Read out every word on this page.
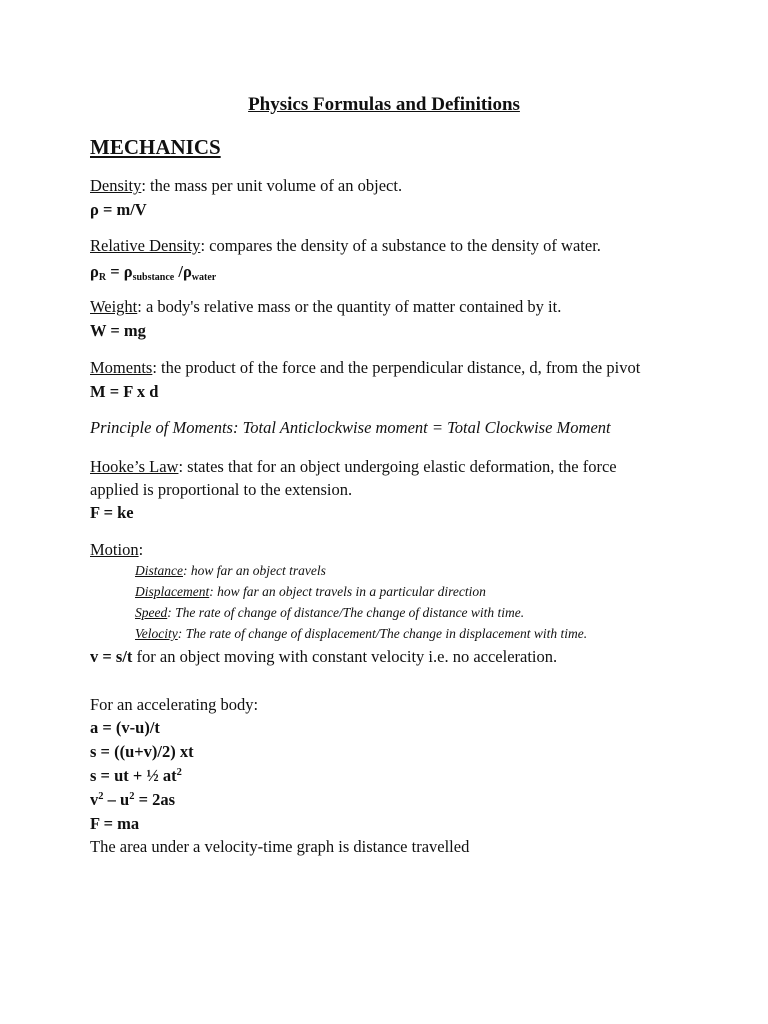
Physics Formulas and Definitions
MECHANICS
Density: the mass per unit volume of an object.
ρ = m/V
Relative Density: compares the density of a substance to the density of water.
$\rho_R = \rho_{substance}$ $/\rho_{water}$
Weight: a body's relative mass or the quantity of matter contained by it.
W = mg
Moments: the product of the force and the perpendicular distance, d, from the pivot
M = F x d
Principle of Moments: Total Anticlockwise moment = Total Clockwise Moment
Hooke’s Law: states that for an object undergoing elastic deformation, the force
applied is proportional to the extension.
F = ke
Motion:
Distance: how far an object travels
Displacement: how far an object travels in a particular direction
Speed: The rate of change of distance/The change of distance with time.
Velocity: The rate of change of displacement/The change in displacement with time.
v = s/t for an object moving with constant velocity i.e. no acceleration.
For an accelerating body:
a = (v-u)/t
s = ((u+v)/2) xt
s = ut + ½ $at^2$
$v^2 - u^2 = 2as$
F = ma
The area under a velocity-time graph is distance travelled
